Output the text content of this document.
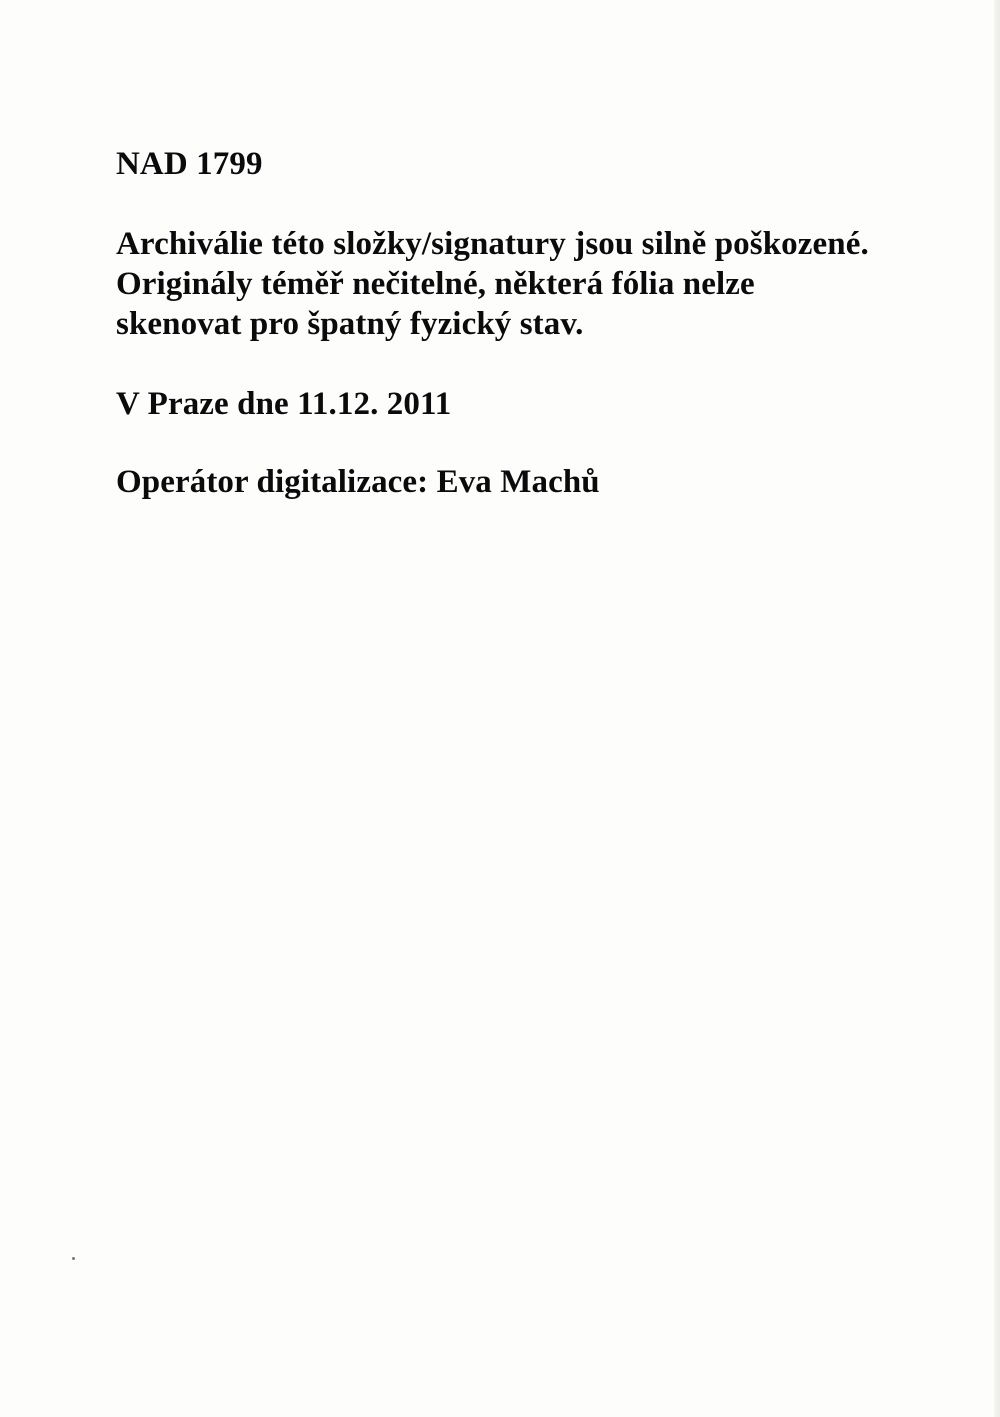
NAD 1799

Archiválie této složky/signatury jsou silně poškozené.
Originály téměř nečitelné, některá fólia nelze
skenovat pro špatný fyzický stav.

V Praze dne 11.12. 2011

Operátor digitalizace: Eva Machů
